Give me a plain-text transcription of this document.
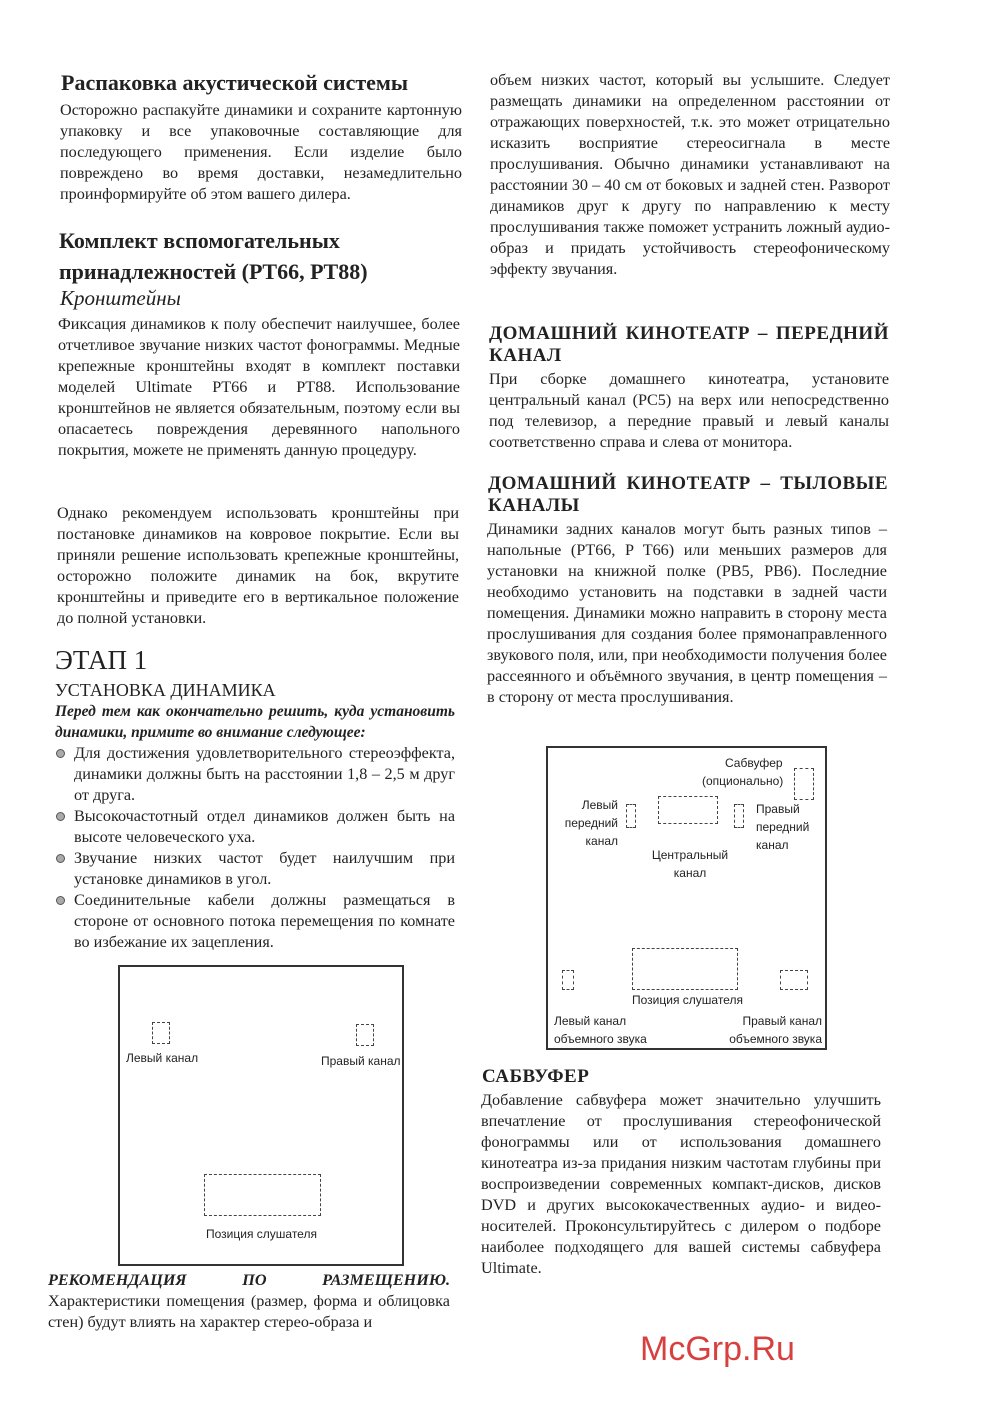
Распаковка акустической системы

Осторожно распакуйте динамики и сохраните картонную упаковку и все упаковочные составляющие для последующего применения. Если изделие было повреждено во время доставки, незамедлительно проинформируйте об этом вашего дилера.

Комплект вспомогательных принадлежностей (PT66, PT88)
Кронштейны

Фиксация динамиков к полу обеспечит наилучшее, более отчетливое звучание низких частот фонограммы. Медные крепежные кронштейны входят в комплект поставки моделей Ultimate PT66 и PT88. Использование кронштейнов не является обязательным, поэтому если вы опасаетесь повреждения деревянного напольного покрытия, можете не применять данную процедуру.

Однако рекомендуем использовать кронштейны при постановке динамиков на ковровое покрытие. Если вы приняли решение использовать крепежные кронштейны, осторожно положите динамик на бок, вкрутите кронштейны и приведите его в вертикальное положение до полной установки.

ЭТАП 1
УСТАНОВКА ДИНАМИКА

Перед тем как окончательно решить, куда установить динамики, примите во внимание следующее:

Для достижения удовлетворительного стереоэффекта, динамики должны быть на расстоянии 1,8 – 2,5 м друг от друга.
Высокочастотный отдел динамиков должен быть на высоте человеческого уха.
Звучание низких частот будет наилучшим при установке динамиков в угол.
Соединительные кабели должны размещаться в стороне от основного потока перемещения по комнате во избежание их зацепления.
Левый канал	Правый канал
Позиция слушателя

РЕКОМЕНДАЦИЯ ПО РАЗМЕЩЕНИЮ. Характеристики помещения (размер, форма и облицовка стен) будут влиять на характер стерео-образа и

объем низких частот, который вы услышите. Следует размещать динамики на определенном расстоянии от отражающих поверхностей, т.к. это может отрицательно исказить восприятие стереосигнала в месте прослушивания. Обычно динамики устанавливают на расстоянии 30 – 40 см от боковых и задней стен. Разворот динамиков друг к другу по направлению к месту прослушивания также поможет устранить ложный аудио-образ и придать устойчивость стереофоническому эффекту звучания.

ДОМАШНИЙ КИНОТЕАТР – ПЕРЕДНИЙ КАНАЛ

При сборке домашнего кинотеатра, установите центральный канал (PC5) на верх или непосредственно под телевизор, а передние правый и левый каналы соответственно справа и слева от монитора.

ДОМАШНИЙ КИНОТЕАТР – ТЫЛОВЫЕ КАНАЛЫ

Динамики задних каналов могут быть разных типов – напольные (PT66, P T66) или меньших размеров для установки на книжной полке (PB5, PB6). Последние необходимо установить на подставки в задней части помещения. Динамики можно направить в сторону места прослушивания для создания более прямонаправленного звукового поля, или, при необходимости получения более рассеянного и объёмного звучания, в центр помещения – в сторону от места прослушивания.

Сабвуфер
(опционально)
Левый передний канал
Правый передний канал
Центральный канал
Позиция слушателя
Левый канал объемного звука
Правый канал объемного звука
САБВУФЕР

Добавление сабвуфера может значительно улучшить впечатление от прослушивания стереофонической фонограммы или от использования домашнего кинотеатра из-за придания низким частотам глубины при воспроизведении современных компакт-дисков, дисков DVD и других высококачественных аудио- и видео-носителей. Проконсультируйтесь с дилером о подборе наиболее подходящего для вашей системы сабвуфера Ultimate.

McGrp.Ru
